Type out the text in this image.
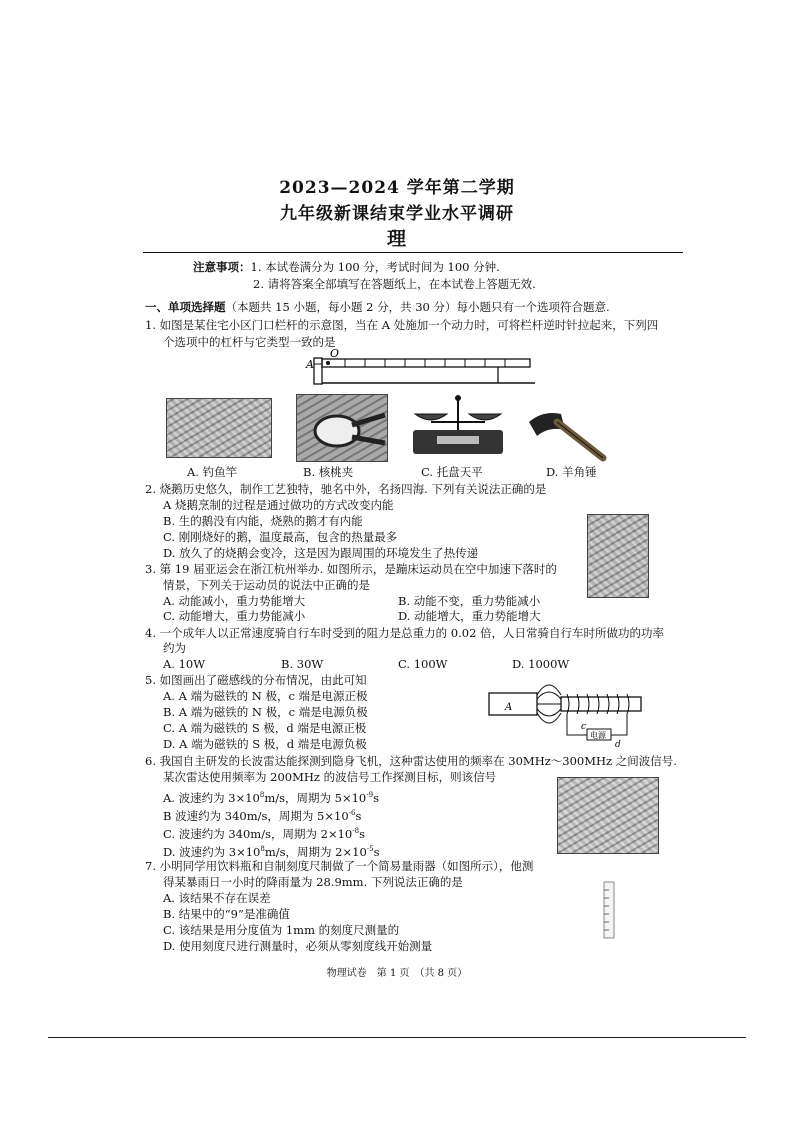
2023—2024 学年第二学期
九年级新课结束学业水平调研
理
注意事项：1. 本试卷满分为 100 分，考试时间为 100 分钟.
2. 请将答案全部填写在答题纸上，在本试卷上答题无效.
一、单项选择题（本题共 15 小题，每小题 2 分，共 30 分）每小题只有一个选项符合题意.
1. 如图是某住宅小区门口栏杆的示意图，当在 A 处施加一个动力时，可将栏杆逆时针拉起来，下列四
个选项中的杠杆与它类型一致的是
A
O
A. 钓鱼竿	B. 核桃夹	C. 托盘天平	D. 羊角锤
2. 烧鹅历史悠久，制作工艺独特，驰名中外，名扬四海. 下列有关说法正确的是
A 烧鹅烹制的过程是通过做功的方式改变内能
B. 生的鹅没有内能，烧熟的鹅才有内能
C. 刚刚烧好的鹅，温度最高，包含的热量最多
D. 放久了的烧鹅会变冷，这是因为跟周围的环境发生了热传递
3. 第 19 届亚运会在浙江杭州举办. 如图所示，是蹦床运动员在空中加速下落时的
情景，下列关于运动员的说法中正确的是
A. 动能减小，重力势能增大	B. 动能不变，重力势能减小
C. 动能增大，重力势能减小	D. 动能增大，重力势能增大
4. 一个成年人以正常速度骑自行车时受到的阻力是总重力的 0.02 倍，人日常骑自行车时所做功的功率
约为
A. 10W	B. 30W	C. 100W	D. 1000W
5. 如图画出了磁感线的分布情况，由此可知
A. A 端为磁铁的 N 极，c 端是电源正极
B. A 端为磁铁的 N 极，c 端是电源负极
C. A 端为磁铁的 S 极，d 端是电源正极
D. A 端为磁铁的 S 极，d 端是电源负极
A
电源
c
d
6. 我国自主研发的长波雷达能探测到隐身飞机，这种雷达使用的频率在 30MHz～300MHz 之间波信号.
某次雷达使用频率为 200MHz 的波信号工作探测目标，则该信号
A. 波速约为 $3\times 10^8m/s$，周期为 $5\times 10^{-9}s$
B 波速约为 340m/s，周期为 $5\times 10^{-6}s$
C. 波速约为 340m/s，周期为 $2\times 10^{-8}s$
D. 波速约为 $3\times 10^8m/s$，周期为 $2\times 10^{-5}s$
7. 小明同学用饮料瓶和自制刻度尺制做了一个简易量雨器（如图所示），他测
得某暴雨日一小时的降雨量为 28.9mm. 下列说法正确的是
A. 该结果不存在误差
B. 结果中的“9”是准确值
C. 该结果是用分度值为 1mm 的刻度尺测量的
D. 使用刻度尺进行测量时，必须从零刻度线开始测量
物理试卷　第 1 页　（共 8 页）
